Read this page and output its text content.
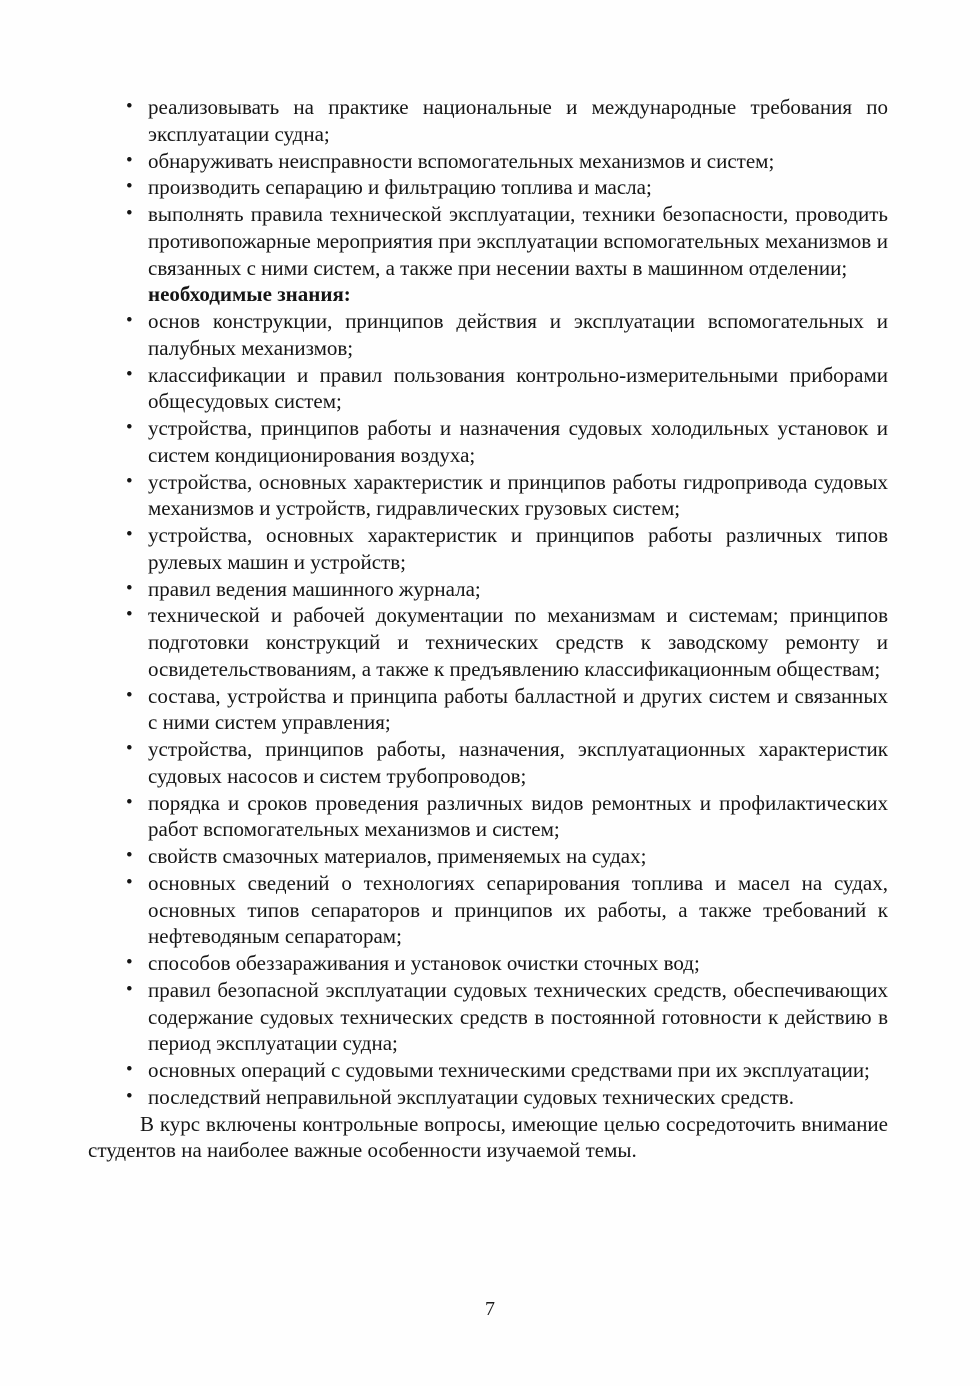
• реализовывать на практике национальные и международные требования по эксплуатации судна;
• обнаруживать неисправности вспомогательных механизмов и систем;
• производить сепарацию и фильтрацию топлива и масла;
• выполнять правила технической эксплуатации, техники безопасности, проводить противопожарные мероприятия при эксплуатации вспомогательных механизмов и связанных с ними систем, а также при несении вахты в машинном отделении;

необходимые знания:

• основ конструкции, принципов действия и эксплуатации вспомогательных и палубных механизмов;
• классификации и правил пользования контрольно-измерительными приборами общесудовых систем;
• устройства, принципов работы и назначения судовых холодильных установок и систем кондиционирования воздуха;
• устройства, основных характеристик и принципов работы гидропривода судовых механизмов и устройств, гидравлических грузовых систем;
• устройства, основных характеристик и принципов работы различных типов рулевых машин и устройств;
• правил ведения машинного журнала;
• технической и рабочей документации по механизмам и системам; принципов подготовки конструкций и технических средств к заводскому ремонту и освидетельствованиям, а также к предъявлению классификационным обществам;
• состава, устройства и принципа работы балластной и других систем и связанных с ними систем управления;
• устройства, принципов работы, назначения, эксплуатационных характеристик судовых насосов и систем трубопроводов;
• порядка и сроков проведения различных видов ремонтных и профилактических работ вспомогательных механизмов и систем;
• свойств смазочных материалов, применяемых на судах;
• основных сведений о технологиях сепарирования топлива и масел на судах, основных типов сепараторов и принципов их работы, а также требований к нефтеводяным сепараторам;
• способов обеззараживания и установок очистки сточных вод;
• правил безопасной эксплуатации судовых технических средств, обеспечивающих содержание судовых технических средств в постоянной готовности к действию в период эксплуатации судна;
• основных операций с судовыми техническими средствами при их эксплуатации;
• последствий неправильной эксплуатации судовых технических средств.

В курс включены контрольные вопросы, имеющие целью сосредоточить внимание студентов на наиболее важные особенности изучаемой темы.

7
